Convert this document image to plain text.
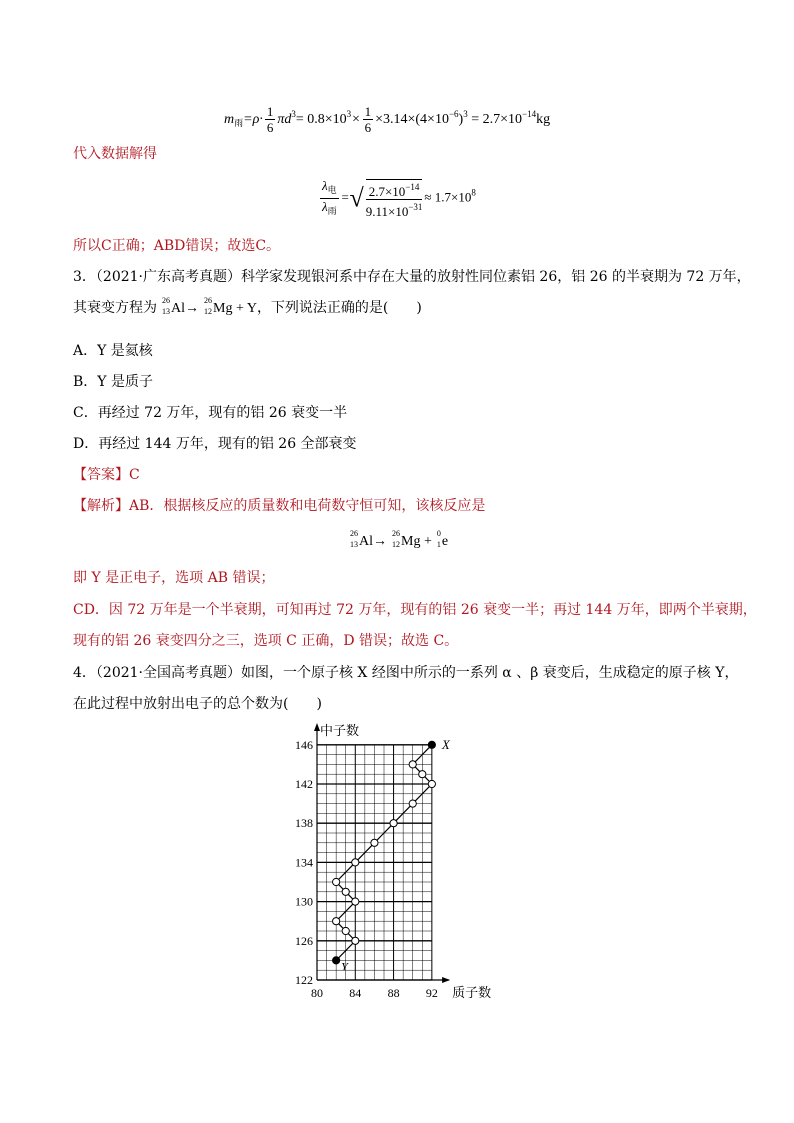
$m_雨=\rho\cdot \frac{1}{6} \pi d^3= 0.8\times 10^3\times \frac{1}{6} \times 3.14\times(4\times 10^{-6})^3 = 2.7\times 10^{-14}kg$
代入数据解得
$\frac{\lambda_电}{\lambda_雨}$ =√ $\frac{2.7\times 10^{-14}}{9.11\times 10^{-31}} \approx 1.7\times 10^8$
所以C正确；ABD错误；故选C。
3．（2021·广东高考真题）科学家发现银河系中存在大量的放射性同位素铝 26，铝 26 的半衰期为 72 万年，
其衰变方程为 26
13 Al→
26
12 Mg + Y，下列说法正确的是(　　)
A．Y 是氦核
B．Y 是质子
C．再经过 72 万年，现有的铝 26 衰变一半
D．再经过 144 万年，现有的铝 26 全部衰变
【答案】C
【解析】AB．根据核反应的质量数和电荷数守恒可知，该核反应是
26
13 Al→
26
12 Mg +
0
1 e
即 Y 是正电子，选项 AB 错误；
CD．因 72 万年是一个半衰期，可知再过 72 万年，现有的铝 26 衰变一半；再过 144 万年，即两个半衰期，
现有的铝 26 衰变四分之三，选项 C 正确，D 错误；故选 C。
4．（2021·全国高考真题）如图，一个原子核 X 经图中所示的一系列 α 、β 衰变后，生成稳定的原子核 Y，
在此过程中放射出电子的总个数为(　　)
122
126
130
134
138
142
146
80 84 88 92
中子数
质子数
X
Y
